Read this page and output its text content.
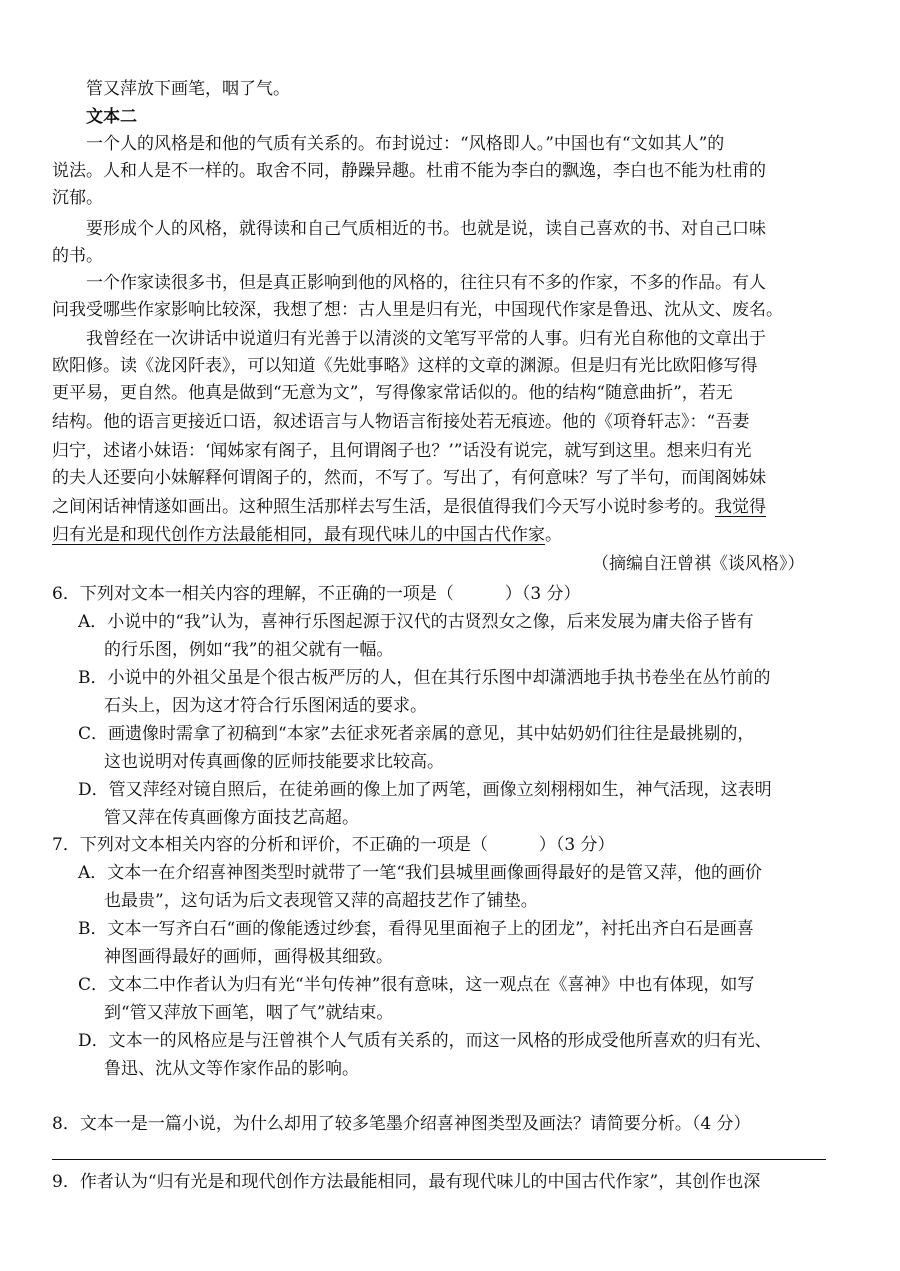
管又萍放下画笔，咽了气。
文本二
一个人的风格是和他的气质有关系的。布封说过：“风格即人。”中国也有“文如其人”的
说法。人和人是不一样的。取舍不同，静躁异趣。杜甫不能为李白的飘逸，李白也不能为杜甫的
沉郁。
要形成个人的风格，就得读和自己气质相近的书。也就是说，读自己喜欢的书、对自己口味
的书。
一个作家读很多书，但是真正影响到他的风格的，往往只有不多的作家，不多的作品。有人
问我受哪些作家影响比较深，我想了想：古人里是归有光，中国现代作家是鲁迅、沈从文、废名。
我曾经在一次讲话中说道归有光善于以清淡的文笔写平常的人事。归有光自称他的文章出于
欧阳修。读《泷冈阡表》，可以知道《先妣事略》这样的文章的渊源。但是归有光比欧阳修写得
更平易，更自然。他真是做到“无意为文”，写得像家常话似的。他的结构“随意曲折”，若无
结构。他的语言更接近口语，叙述语言与人物语言衔接处若无痕迹。他的《项脊轩志》：“吾妻
归宁，述诸小妹语：‘闻姊家有阁子，且何谓阁子也？’”话没有说完，就写到这里。想来归有光
的夫人还要向小妹解释何谓阁子的，然而，不写了。写出了，有何意味？写了半句，而闺阁姊妹
之间闲话神情遂如画出。这种照生活那样去写生活，是很值得我们今天写小说时参考的。我觉得
归有光是和现代创作方法最能相同，最有现代味儿的中国古代作家。
（摘编自汪曾祺《谈风格》）
6．下列对文本一相关内容的理解，不正确的一项是（　　　）（3 分）
A．小说中的“我”认为，喜神行乐图起源于汉代的古贤烈女之像，后来发展为庸夫俗子皆有
的行乐图，例如“我”的祖父就有一幅。
B．小说中的外祖父虽是个很古板严厉的人，但在其行乐图中却潇洒地手执书卷坐在丛竹前的
石头上，因为这才符合行乐图闲适的要求。
C．画遗像时需拿了初稿到“本家”去征求死者亲属的意见，其中姑奶奶们往往是最挑剔的，
这也说明对传真画像的匠师技能要求比较高。
D．管又萍经对镜自照后，在徒弟画的像上加了两笔，画像立刻栩栩如生，神气活现，这表明
管又萍在传真画像方面技艺高超。
7．下列对文本相关内容的分析和评价，不正确的一项是（　　　）（3 分）
A．文本一在介绍喜神图类型时就带了一笔“我们县城里画像画得最好的是管又萍，他的画价
也最贵”，这句话为后文表现管又萍的高超技艺作了铺垫。
B．文本一写齐白石“画的像能透过纱套，看得见里面袍子上的团龙”，衬托出齐白石是画喜
神图画得最好的画师，画得极其细致。
C．文本二中作者认为归有光“半句传神”很有意味，这一观点在《喜神》中也有体现，如写
到“管又萍放下画笔，咽了气”就结束。
D．文本一的风格应是与汪曾祺个人气质有关系的，而这一风格的形成受他所喜欢的归有光、
鲁迅、沈从文等作家作品的影响。
8．文本一是一篇小说，为什么却用了较多笔墨介绍喜神图类型及画法？请简要分析。（4 分）
9．作者认为“归有光是和现代创作方法最能相同，最有现代味儿的中国古代作家”，其创作也深
